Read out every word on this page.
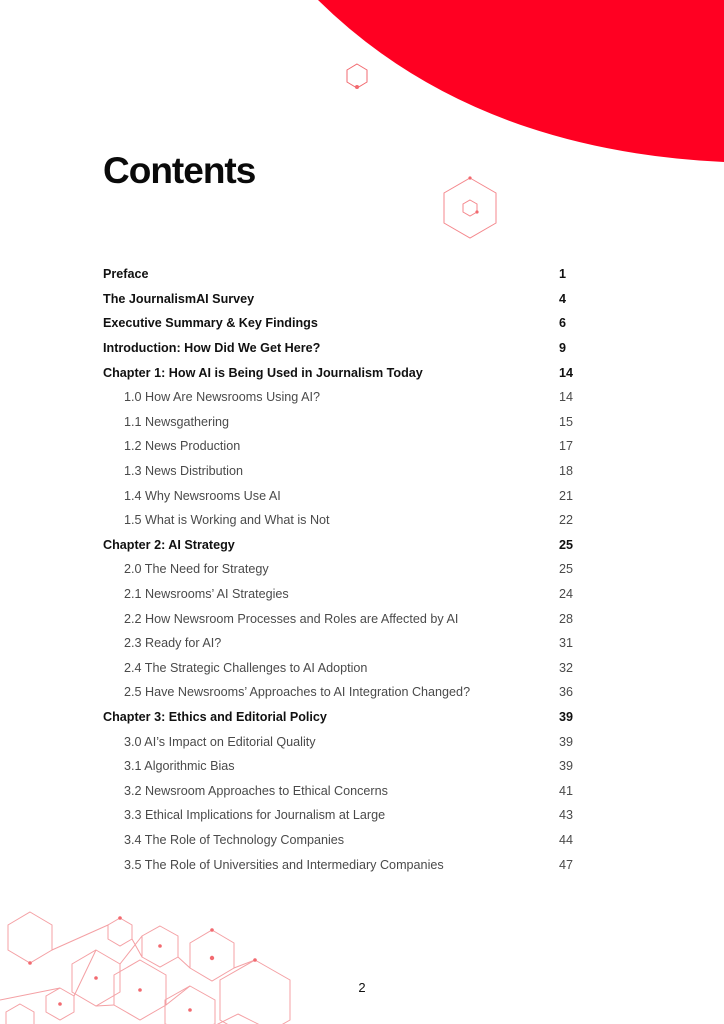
Contents
Preface	1
The JournalismAI Survey	4
Executive Summary & Key Findings	6
Introduction: How Did We Get Here?	9
Chapter 1: How AI is Being Used in Journalism Today	14
1.0 How Are Newsrooms Using AI?	14
1.1 Newsgathering	15
1.2 News Production	17
1.3 News Distribution	18
1.4 Why Newsrooms Use AI	21
1.5 What is Working and What is Not	22
Chapter 2: AI Strategy	25
2.0 The Need for Strategy	25
2.1 Newsrooms’ AI Strategies	24
2.2 How Newsroom Processes and Roles are Affected by AI	28
2.3 Ready for AI?	31
2.4 The Strategic Challenges to AI Adoption	32
2.5 Have Newsrooms’ Approaches to AI Integration Changed?	36
Chapter 3: Ethics and Editorial Policy	39
3.0 AI’s Impact on Editorial Quality	39
3.1 Algorithmic Bias	39
3.2 Newsroom Approaches to Ethical Concerns	41
3.3 Ethical Implications for Journalism at Large	43
3.4 The Role of Technology Companies	44
3.5 The Role of Universities and Intermediary Companies	47
2
